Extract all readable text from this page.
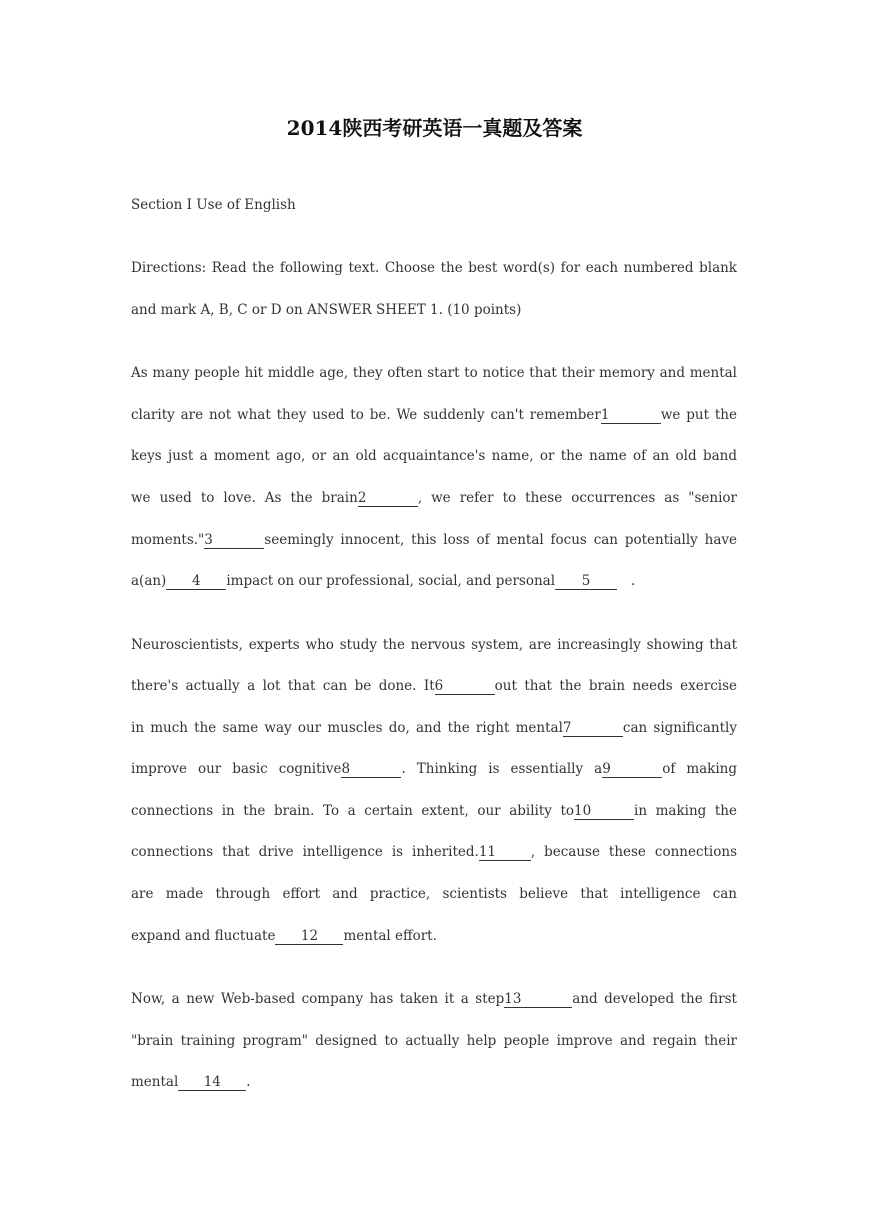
2014陕西考研英语一真题及答案
Section Ⅰ Use of English
Directions: Read the following text. Choose the best word(s) for each numbered blank
and mark A, B, C or D on ANSWER SHEET 1. (10 points)
As many people hit middle age, they often start to notice that their memory and mental
clarity are not what they used to be. We suddenly can't remember1	we put the
keys just a moment ago, or an old acquaintance's name, or the name of an old band
we used to love. As the brain2	, we refer to these occurrences as "senior
moments."3	seemingly innocent, this loss of mental focus can potentially have
a(an) 4 impact on our professional, social, and personal 5	.
Neuroscientists, experts who study the nervous system, are increasingly showing that
there's actually a lot that can be done. It6	out that the brain needs exercise
in much the same way our muscles do, and the right mental7	can significantly
improve our basic cognitive8	. Thinking is essentially a9	of making
connections in the brain. To a certain extent, our ability to10	in making the
connections that drive intelligence is inherited.11	, because these connections
are made through effort and practice, scientists believe that intelligence can
expand and fluctuate 12 mental effort.
Now, a new Web-based company has taken it a step13	and developed the first
"brain training program" designed to actually help people improve and regain their
mental 14 .
